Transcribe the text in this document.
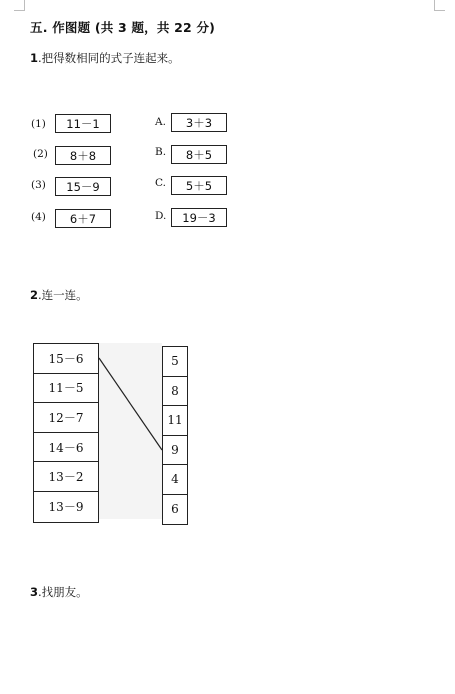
五. 作图题 (共 3 题，共 22 分)
1.把得数相同的式子连起来。
(1)	11－1	A.	3＋3
(2)	8＋8	B.	8＋5
(3)	15－9	C.	5＋5
(4)	6＋7	D.	19－3
2.连一连。
15－6
11－5
12－7
14－6
13－2
13－9
5
8
11
9
4
6
3.找朋友。
